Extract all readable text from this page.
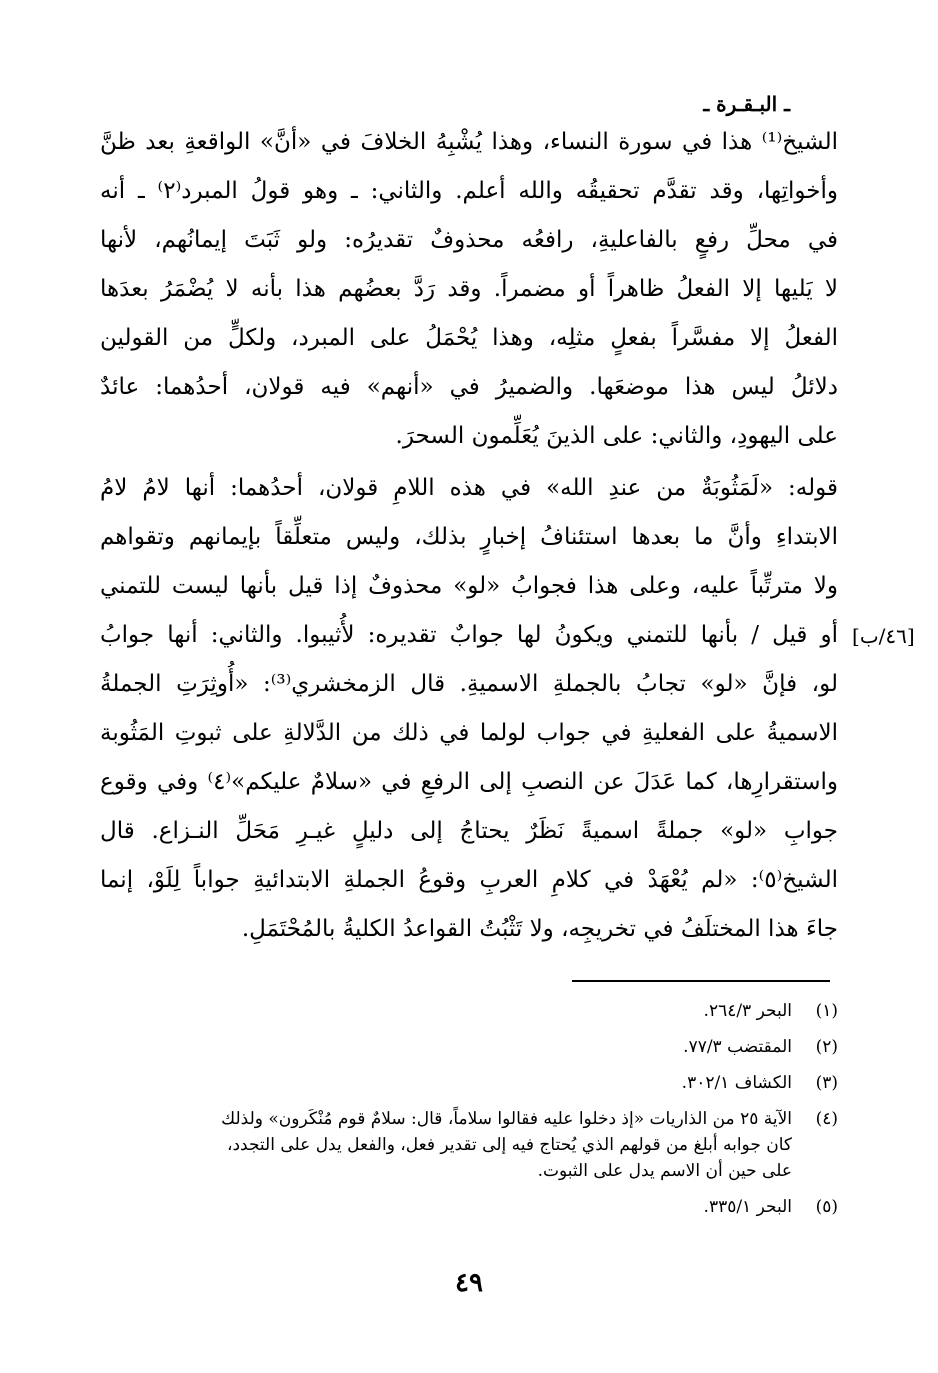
ـ البـقـرة ـ
الشيخ⁽¹⁾ هذا في سورة النساء، وهذا يُشْبِهُ الخلافَ في «أنَّ» الواقعةِ بعد ظنَّ
وأخواتِها، وقد تقدَّم تحقيقُه والله أعلم. والثاني: ـ وهو قولُ المبرد⁽٢⁾ ـ أنه
في محلِّ رفعٍ بالفاعليةِ، رافعُه محذوفٌ تقديرُه: ولو ثَبَتَ إيمانُهم، لأنها
لا يَليها إلا الفعلُ ظاهراً أو مضمراً. وقد رَدَّ بعضُهم هذا بأنه لا يُضْمَرُ بعدَها
الفعلُ إلا مفسَّراً بفعلٍ مثلِه، وهذا يُحْمَلُ على المبرد، ولكلٍّ من القولين
دلائلُ ليس هذا موضعَها. والضميرُ في «أنهم» فيه قولان، أحدُهما: عائدٌ
على اليهودِ، والثاني: على الذينَ يُعَلِّمون السحرَ.
قوله: «لَمَثُوبَةٌ من عندِ الله» في هذه اللامِ قولان، أحدُهما: أنها لامُ لامُ
الابتداءِ وأنَّ ما بعدها استئنافُ إخبارٍ بذلك، وليس متعلِّقاً بإيمانهم وتقواهم
ولا مترتِّباً عليه، وعلى هذا فجوابُ «لو» محذوفٌ إذا قيل بأنها ليست للتمني
أو قيل / بأنها للتمني ويكونُ لها جوابٌ تقديره: لأُثيبوا. والثاني: أنها جوابُ
لو، فإنَّ «لو» تجابُ بالجملةِ الاسميةِ. قال الزمخشري⁽³⁾: «أُوثِرَتِ الجملةُ
الاسميةُ على الفعليةِ في جواب لولما في ذلك من الدَّلالةِ على ثبوتِ المَثُوبة
واستقرارِها، كما عَدَلَ عن النصبِ إلى الرفعِ في «سلامٌ عليكم»⁽٤⁾ وفي وقوع
جوابِ «لو» جملةً اسميةً نَظَرٌ يحتاجُ إلى دليلٍ غيـرِ مَحَلِّ النـزاع. قال
الشيخ⁽٥⁾: «لم يُعْهَدْ في كلامِ العربِ وقوعُ الجملةِ الابتدائيةِ جواباً لِلَوْ، إنما
جاءَ هذا المختلَفُ في تخريجِه، ولا تَثْبُتُ القواعدُ الكليةُ بالمُحْتَمَلِ.
[٤٦/ب]
(١)
البحر ٢٦٤/٣.
(٢)
المقتضب ٧٧/٣.
(٣)
الكشاف ٣٠٢/١.
(٤)
الآية ٢٥ من الذاريات «إذ دخلوا عليه فقالوا سلاماً، قال: سلامٌ قوم مُنْكَرون» ولذلك
كان جوابه أبلغ من قولهم الذي يُحتاج فيه إلى تقدير فعل، والفعل يدل على التجدد،
على حين أن الاسم يدل على الثبوت.
(٥)
البحر ٣٣٥/١.
٤٩
